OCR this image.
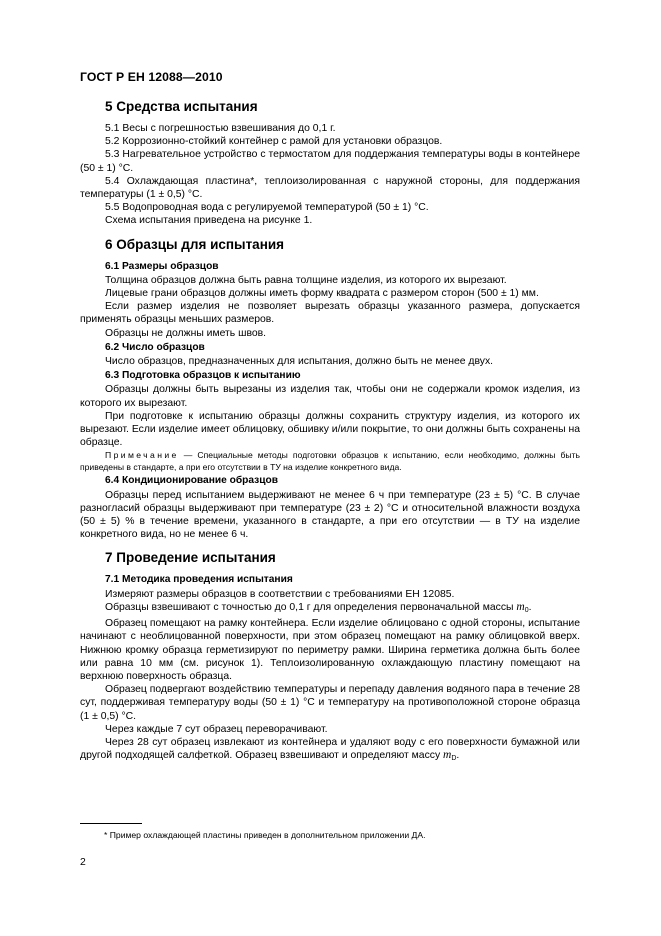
ГОСТ Р ЕН 12088—2010
5 Средства испытания

5.1 Весы с погрешностью взвешивания до 0,1 г.

5.2 Коррозионно-стойкий контейнер с рамой для установки образцов.

5.3 Нагревательное устройство с термостатом для поддержания температуры воды в контейнере (50 ± 1) °С.

5.4 Охлаждающая пластина*, теплоизолированная с наружной стороны, для поддержания температуры (1 ± 0,5) °С.

5.5 Водопроводная вода с регулируемой температурой (50 ± 1) °С.

Схема испытания приведена на рисунке 1.

6 Образцы для испытания
6.1 Размеры образцов

Толщина образцов должна быть равна толщине изделия, из которого их вырезают.

Лицевые грани образцов должны иметь форму квадрата с размером сторон (500 ± 1) мм.

Если размер изделия не позволяет вырезать образцы указанного размера, допускается применять образцы меньших размеров.

Образцы не должны иметь швов.

6.2 Число образцов

Число образцов, предназначенных для испытания, должно быть не менее двух.

6.3 Подготовка образцов к испытанию

Образцы должны быть вырезаны из изделия так, чтобы они не содержали кромок изделия, из которого их вырезают.

При подготовке к испытанию образцы должны сохранить структуру изделия, из которого их вырезают. Если изделие имеет облицовку, обшивку и/или покрытие, то они должны быть сохранены на образце.

Примечание — Специальные методы подготовки образцов к испытанию, если необходимо, должны быть приведены в стандарте, а при его отсутствии в ТУ на изделие конкретного вида.

6.4 Кондиционирование образцов

Образцы перед испытанием выдерживают не менее 6 ч при температуре (23 ± 5) °С. В случае разногласий образцы выдерживают при температуре (23 ± 2) °С и относительной влажности воздуха (50 ± 5) % в течение времени, указанного в стандарте, а при его отсутствии — в ТУ на изделие конкретного вида, но не менее 6 ч.

7 Проведение испытания
7.1 Методика проведения испытания

Измеряют размеры образцов в соответствии с требованиями ЕН 12085.

Образцы взвешивают с точностью до 0,1 г для определения первоначальной массы $m_0$.

Образец помещают на рамку контейнера. Если изделие облицовано с одной стороны, испытание начинают с необлицованной поверхности, при этом образец помещают на рамку облицовкой вверх. Нижнюю кромку образца герметизируют по периметру рамки. Ширина герметика должна быть более или равна 10 мм (см. рисунок 1). Теплоизолированную охлаждающую пластину помещают на верхнюю поверхность образца.

Образец подвергают воздействию температуры и перепаду давления водяного пара в течение 28 сут, поддерживая температуру воды (50 ± 1) °С и температуру на противоположной стороне образца (1 ± 0,5) °С.

Через каждые 7 сут образец переворачивают.

Через 28 сут образец извлекают из контейнера и удаляют воду с его поверхности бумажной или другой подходящей салфеткой. Образец взвешивают и определяют массу $m_D$.

* Пример охлаждающей пластины приведен в дополнительном приложении ДА.
2
